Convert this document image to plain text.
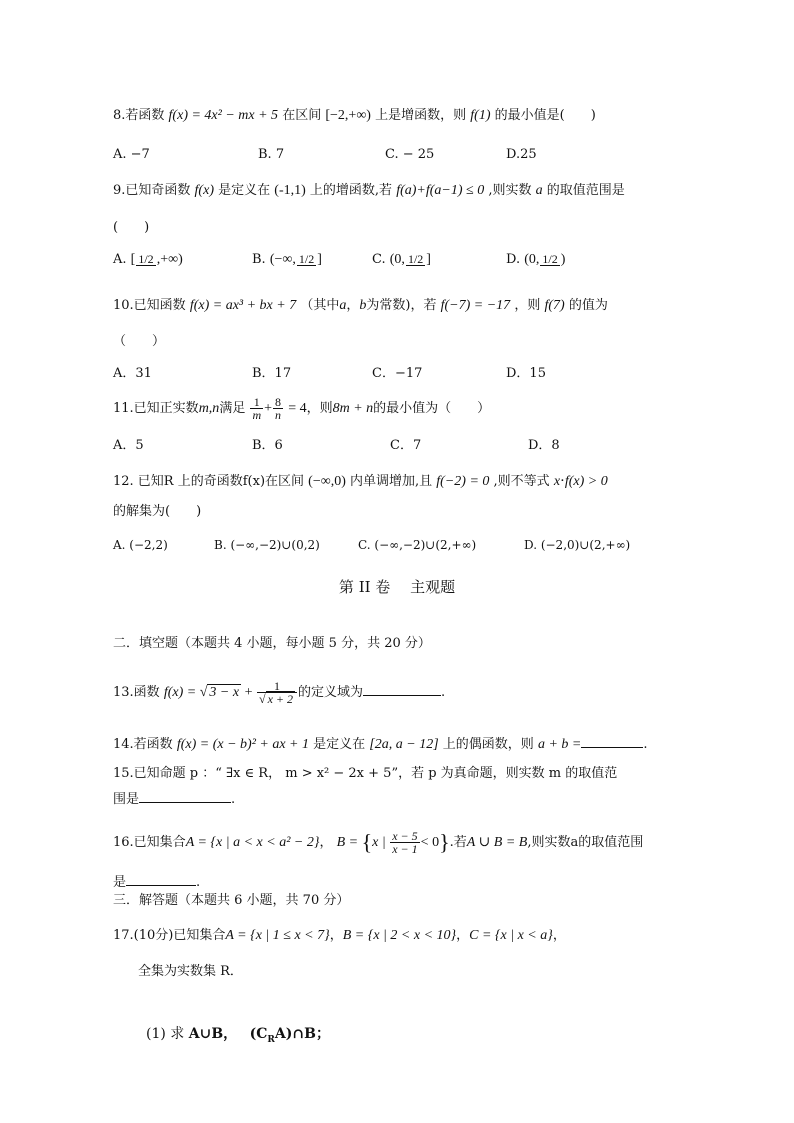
8.若函数 f(x) = 4x² − mx + 5 在区间 [−2,+∞) 上是增函数，则 f(1) 的最小值是(　　)
A. −7	B. 7	C. − 25	D.25
9.已知奇函数 f(x) 是定义在 (-1,1) 上的增函数,若 f(a)+f(a−1) ≤ 0 ,则实数 a 的取值范围是
(　　)
A. [ 1/2 ,+∞)	B. (−∞, 1/2 ]	C. (0, 1/2 ]	D. (0, 1/2 )
10.已知函数 f(x) = ax³ + bx + 7 （其中a，b为常数)，若 f(−7) = −17 ，则 f(7) 的值为
（　　）
A．31	B．17	C．−17	D．15
11.已知正实数m,n满足 $\frac{1}{m} + \frac{8}{n} = 4$，则8m + n的最小值为（　　）
A．5	B．6	C．7	D．8
12. 已知R 上的奇函数f(x)在区间 (−∞,0) 内单调增加,且 f(−2) = 0 ,则不等式 x⋅f(x) > 0
的解集为(　　)
A. (−2,2)	B. (−∞,−2)∪(0,2)	C. (−∞,−2)∪(2,+∞)	D. (−2,0)∪(2,+∞)
第 II 卷　 主观题
二．填空题（本题共 4 小题，每小题 5 分，共 20 分）
13.函数 f(x) = √ $3 - x + \frac{1}{√ x + 2}$ 的定义域为	.
14.若函数 f(x) = (x − b)² + ax + 1 是定义在 [2a, a − 12] 上的偶函数，则 a + b =	.
15.已知命题 p ：“ ∃x ∈ R， m > x² − 2x + 5”，若 p 为真命题，则实数 m 的取值范
围是	.
16.已知集合A = {x | a < x < a² − 2}， B = {x | $\frac{x - 5}{x - 1} < 0$}.若A ∪ B = B,则实数a的取值范围
是	.
三．解答题（本题共 6 小题，共 70 分）
17.(10分)已知集合A = {x | 1 ≤ x < 7}，B = {x | 2 < x < 10}，C = {x | x < a}，
全集为实数集 R．
(1) 求 A∪B， $(C_RA)\cap B$；
